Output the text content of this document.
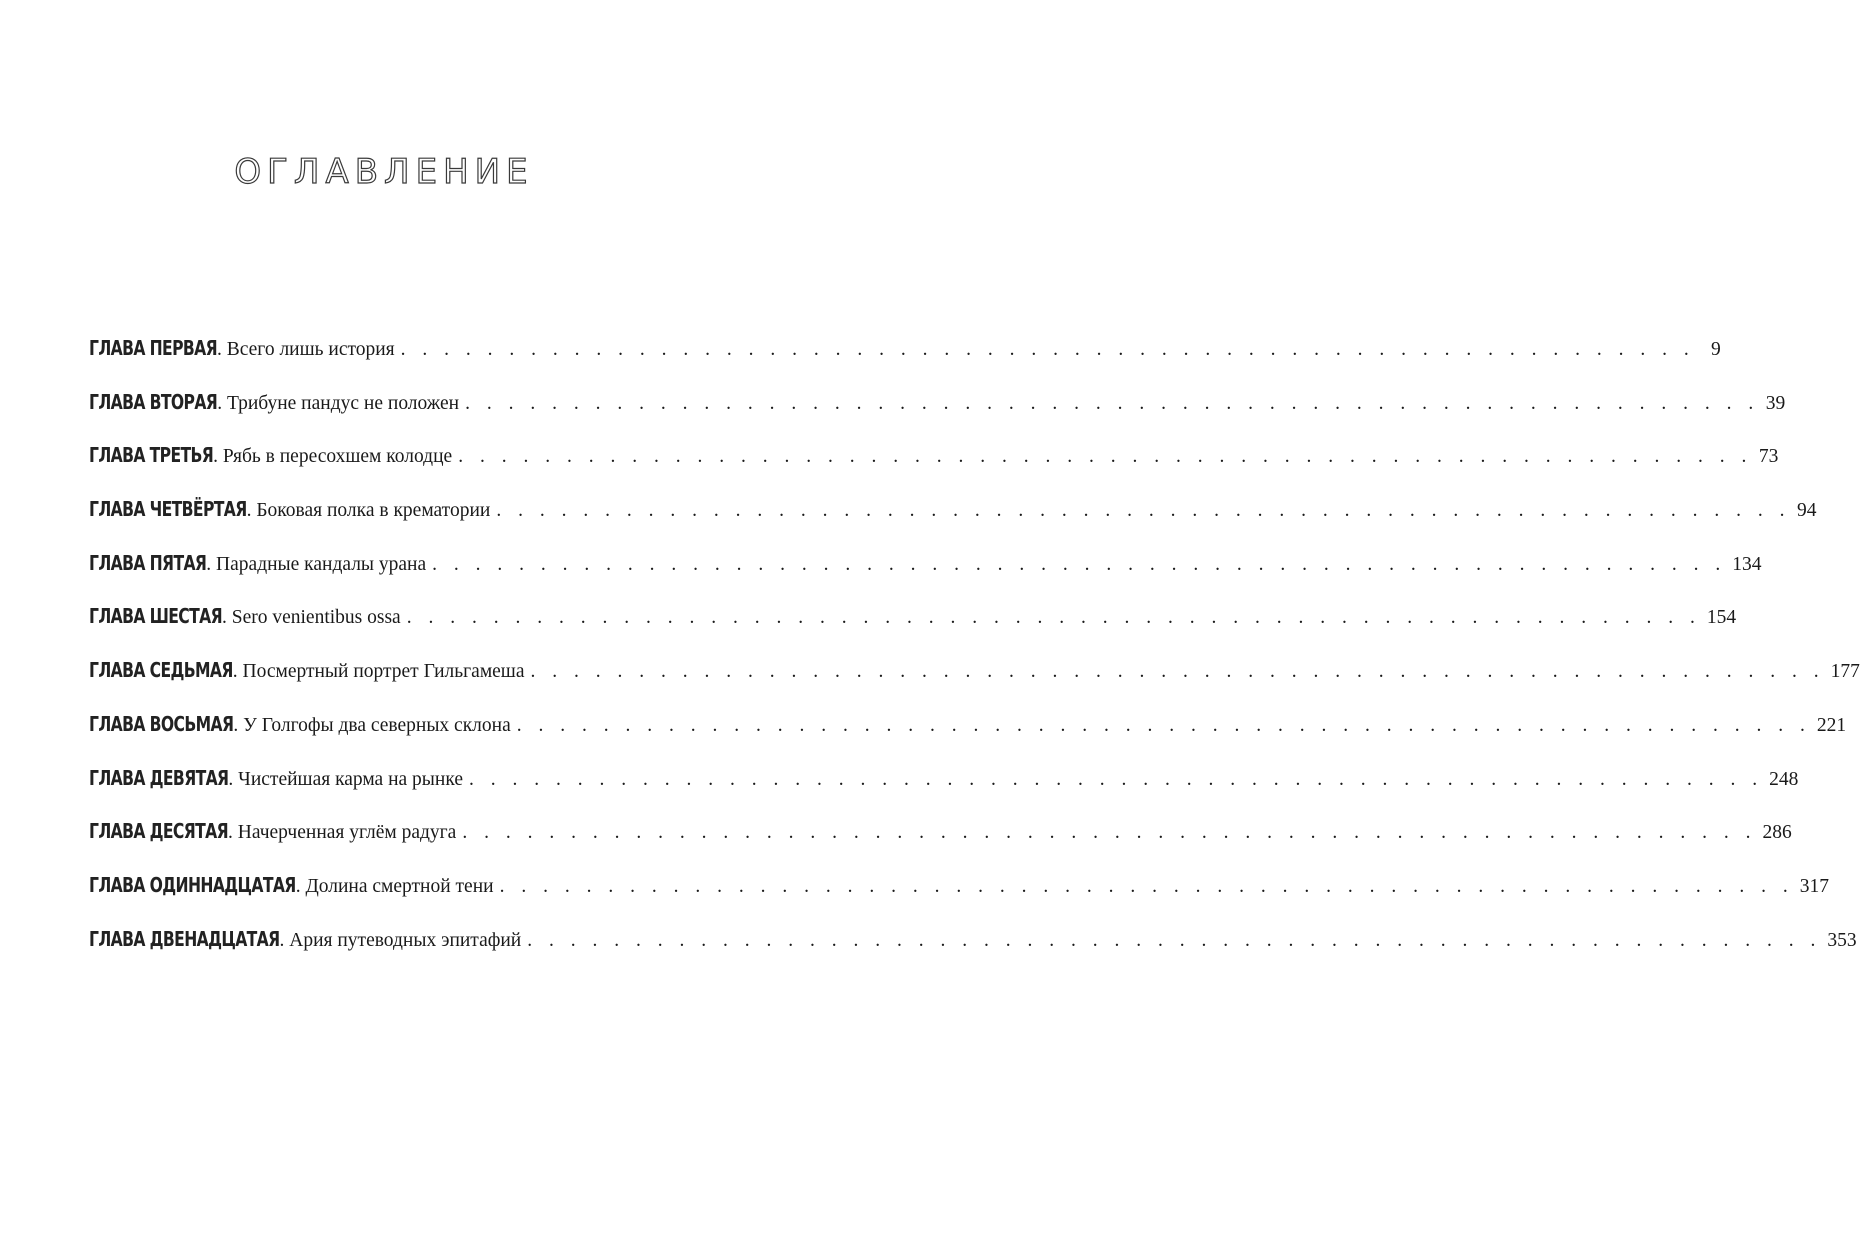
ОГЛАВЛЕНИЕ
ГЛАВА ПЕРВАЯ . Всего лишь история . . . . . . . . . . . . . . . . . . . . . . . . . . . . . . . . . . . . . . . . . . . . . . . . . . . . . . . . . . . . 9
ГЛАВА ВТОРАЯ . Трибуне пандус не положен . . . . . . . . . . . . . . . . . . . . . . . . . . . . . . . . . . . . . . . . . . . . . . . . . . . . . . . . . . . . 39
ГЛАВА ТРЕТЬЯ . Рябь в пересохшем колодце . . . . . . . . . . . . . . . . . . . . . . . . . . . . . . . . . . . . . . . . . . . . . . . . . . . . . . . . . . . . 73
ГЛАВА ЧЕТВЁРТАЯ . Боковая полка в крематории . . . . . . . . . . . . . . . . . . . . . . . . . . . . . . . . . . . . . . . . . . . . . . . . . . . . . . . . . . . . 94
ГЛАВА ПЯТАЯ . Парадные кандалы урана . . . . . . . . . . . . . . . . . . . . . . . . . . . . . . . . . . . . . . . . . . . . . . . . . . . . . . . . . . . . 134
ГЛАВА ШЕСТАЯ . Sero venientibus ossa . . . . . . . . . . . . . . . . . . . . . . . . . . . . . . . . . . . . . . . . . . . . . . . . . . . . . . . . . . . . 154
ГЛАВА СЕДЬМАЯ . Посмертный портрет Гильгамеша . . . . . . . . . . . . . . . . . . . . . . . . . . . . . . . . . . . . . . . . . . . . . . . . . . . . . . . . . . . . 177
ГЛАВА ВОСЬМАЯ . У Голгофы два северных склона . . . . . . . . . . . . . . . . . . . . . . . . . . . . . . . . . . . . . . . . . . . . . . . . . . . . . . . . . . . . 221
ГЛАВА ДЕВЯТАЯ . Чистейшая карма на рынке . . . . . . . . . . . . . . . . . . . . . . . . . . . . . . . . . . . . . . . . . . . . . . . . . . . . . . . . . . . . 248
ГЛАВА ДЕСЯТАЯ . Начерченная углём радуга . . . . . . . . . . . . . . . . . . . . . . . . . . . . . . . . . . . . . . . . . . . . . . . . . . . . . . . . . . . . 286
ГЛАВА ОДИННАДЦАТАЯ . Долина смертной тени . . . . . . . . . . . . . . . . . . . . . . . . . . . . . . . . . . . . . . . . . . . . . . . . . . . . . . . . . . . . 317
ГЛАВА ДВЕНАДЦАТАЯ . Ария путеводных эпитафий . . . . . . . . . . . . . . . . . . . . . . . . . . . . . . . . . . . . . . . . . . . . . . . . . . . . . . . . . . . . 353
